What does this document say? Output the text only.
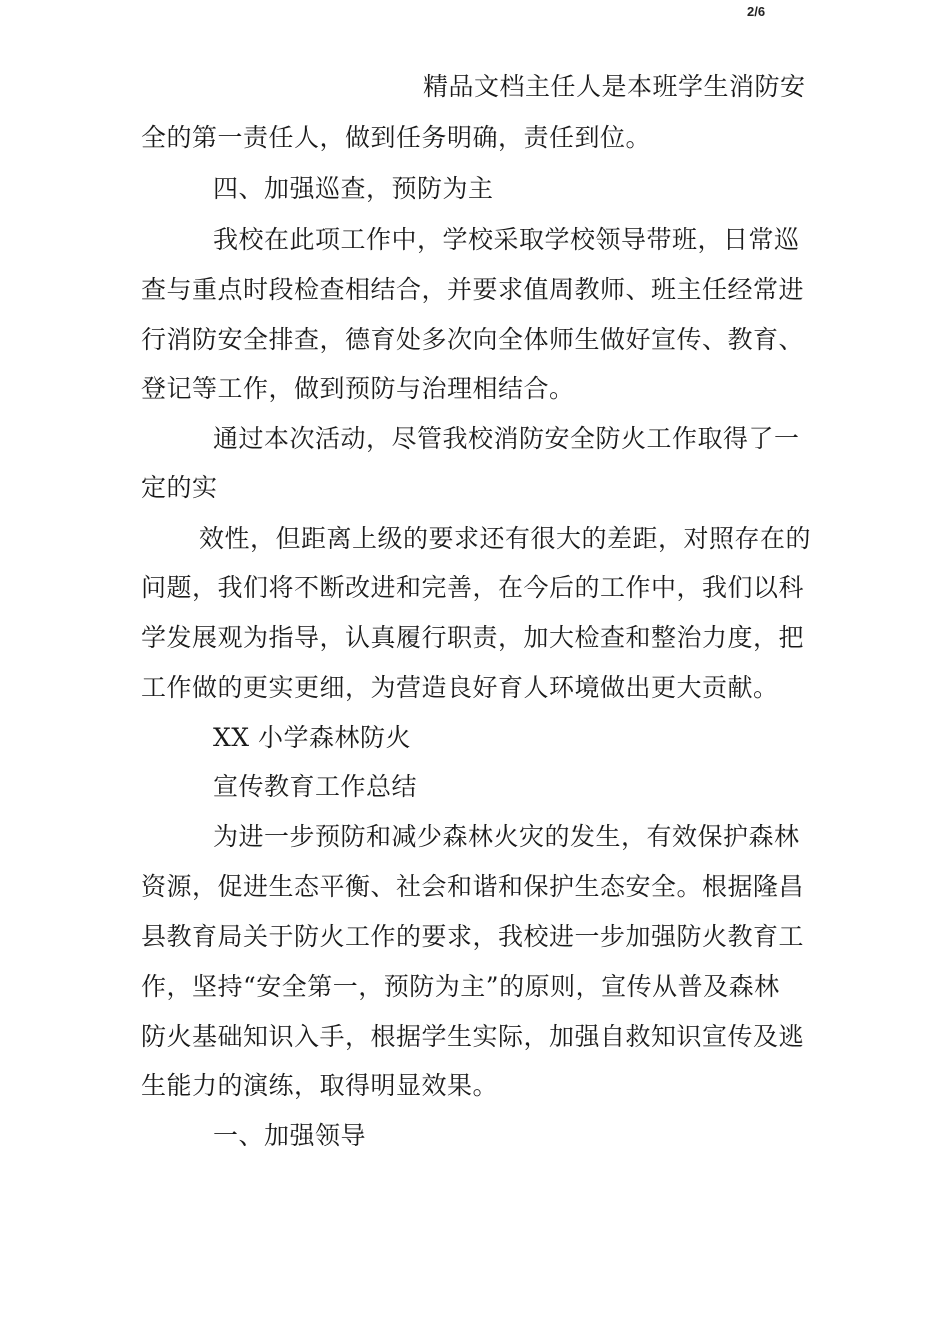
2/6
精品文档主任人是本班学生消防安
全的第一责任人，做到任务明确，责任到位。
四、加强巡查，预防为主
我校在此项工作中，学校采取学校领导带班，日常巡
查与重点时段检查相结合，并要求值周教师、班主任经常进
行消防安全排查，德育处多次向全体师生做好宣传、教育、
登记等工作，做到预防与治理相结合。
通过本次活动，尽管我校消防安全防火工作取得了一
定的实
效性，但距离上级的要求还有很大的差距，对照存在的
问题，我们将不断改进和完善，在今后的工作中，我们以科
学发展观为指导，认真履行职责，加大检查和整治力度，把
工作做的更实更细，为营造良好育人环境做出更大贡献。
XX 小学森林防火
宣传教育工作总结
为进一步预防和减少森林火灾的发生，有效保护森林
资源，促进生态平衡、社会和谐和保护生态安全。根据隆昌
县教育局关于防火工作的要求，我校进一步加强防火教育工
作，坚持“安全第一，预防为主”的原则，宣传从普及森林
防火基础知识入手，根据学生实际，加强自救知识宣传及逃
生能力的演练，取得明显效果。
一、加强领导
